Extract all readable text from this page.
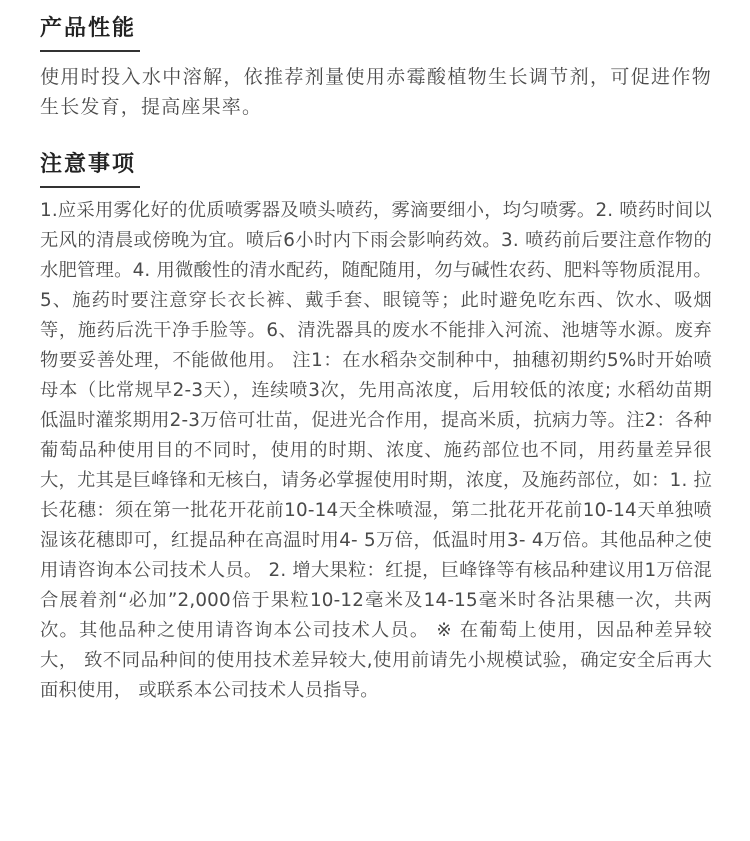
产品性能

使用时投入水中溶解，依推荐剂量使用赤霉酸植物生长调节剂，可促进作物生长发育，提高座果率。

注意事项

1.应采用雾化好的优质喷雾器及喷头喷药，雾滴要细小，均匀喷雾。2. 喷药时间以无风的清晨或傍晚为宜。喷后6小时内下雨会影响药效。3. 喷药前后要注意作物的水肥管理。4. 用微酸性的清水配药，随配随用，勿与碱性农药、肥料等物质混用。5、施药时要注意穿长衣长裤、戴手套、眼镜等；此时避免吃东西、饮水、吸烟等，施药后洗干净手脸等。6、清洗器具的废水不能排入河流、池塘等水源。废弃物要妥善处理，不能做他用。 注1：在水稻杂交制种中，抽穗初期约5%时开始喷母本（比常规早2-3天），连续喷3次，先用高浓度，后用较低的浓度; 水稻幼苗期低温时灌浆期用2-3万倍可壮苗，促进光合作用，提高米质，抗病力等。注2：各种葡萄品种使用目的不同时，使用的时期、浓度、施药部位也不同，用药量差异很大，尤其是巨峰锋和无核白，请务必掌握使用时期，浓度，及施药部位，如：1. 拉长花穗：须在第一批花开花前10-14天全株喷湿，第二批花开花前10-14天单独喷湿该花穗即可，红提品种在高温时用4- 5万倍，低温时用3- 4万倍。其他品种之使用请咨询本公司技术人员。 2. 增大果粒：红提，巨峰锋等有核品种建议用1万倍混合展着剂“必加”2,000倍于果粒10-12毫米及14-15毫米时各沾果穗一次，共两次。其他品种之使用请咨询本公司技术人员。 ※ 在葡萄上使用，因品种差异较大， 致不同品种间的使用技术差异较大,使用前请先小规模试验，确定安全后再大面积使用， 或联系本公司技术人员指导。
